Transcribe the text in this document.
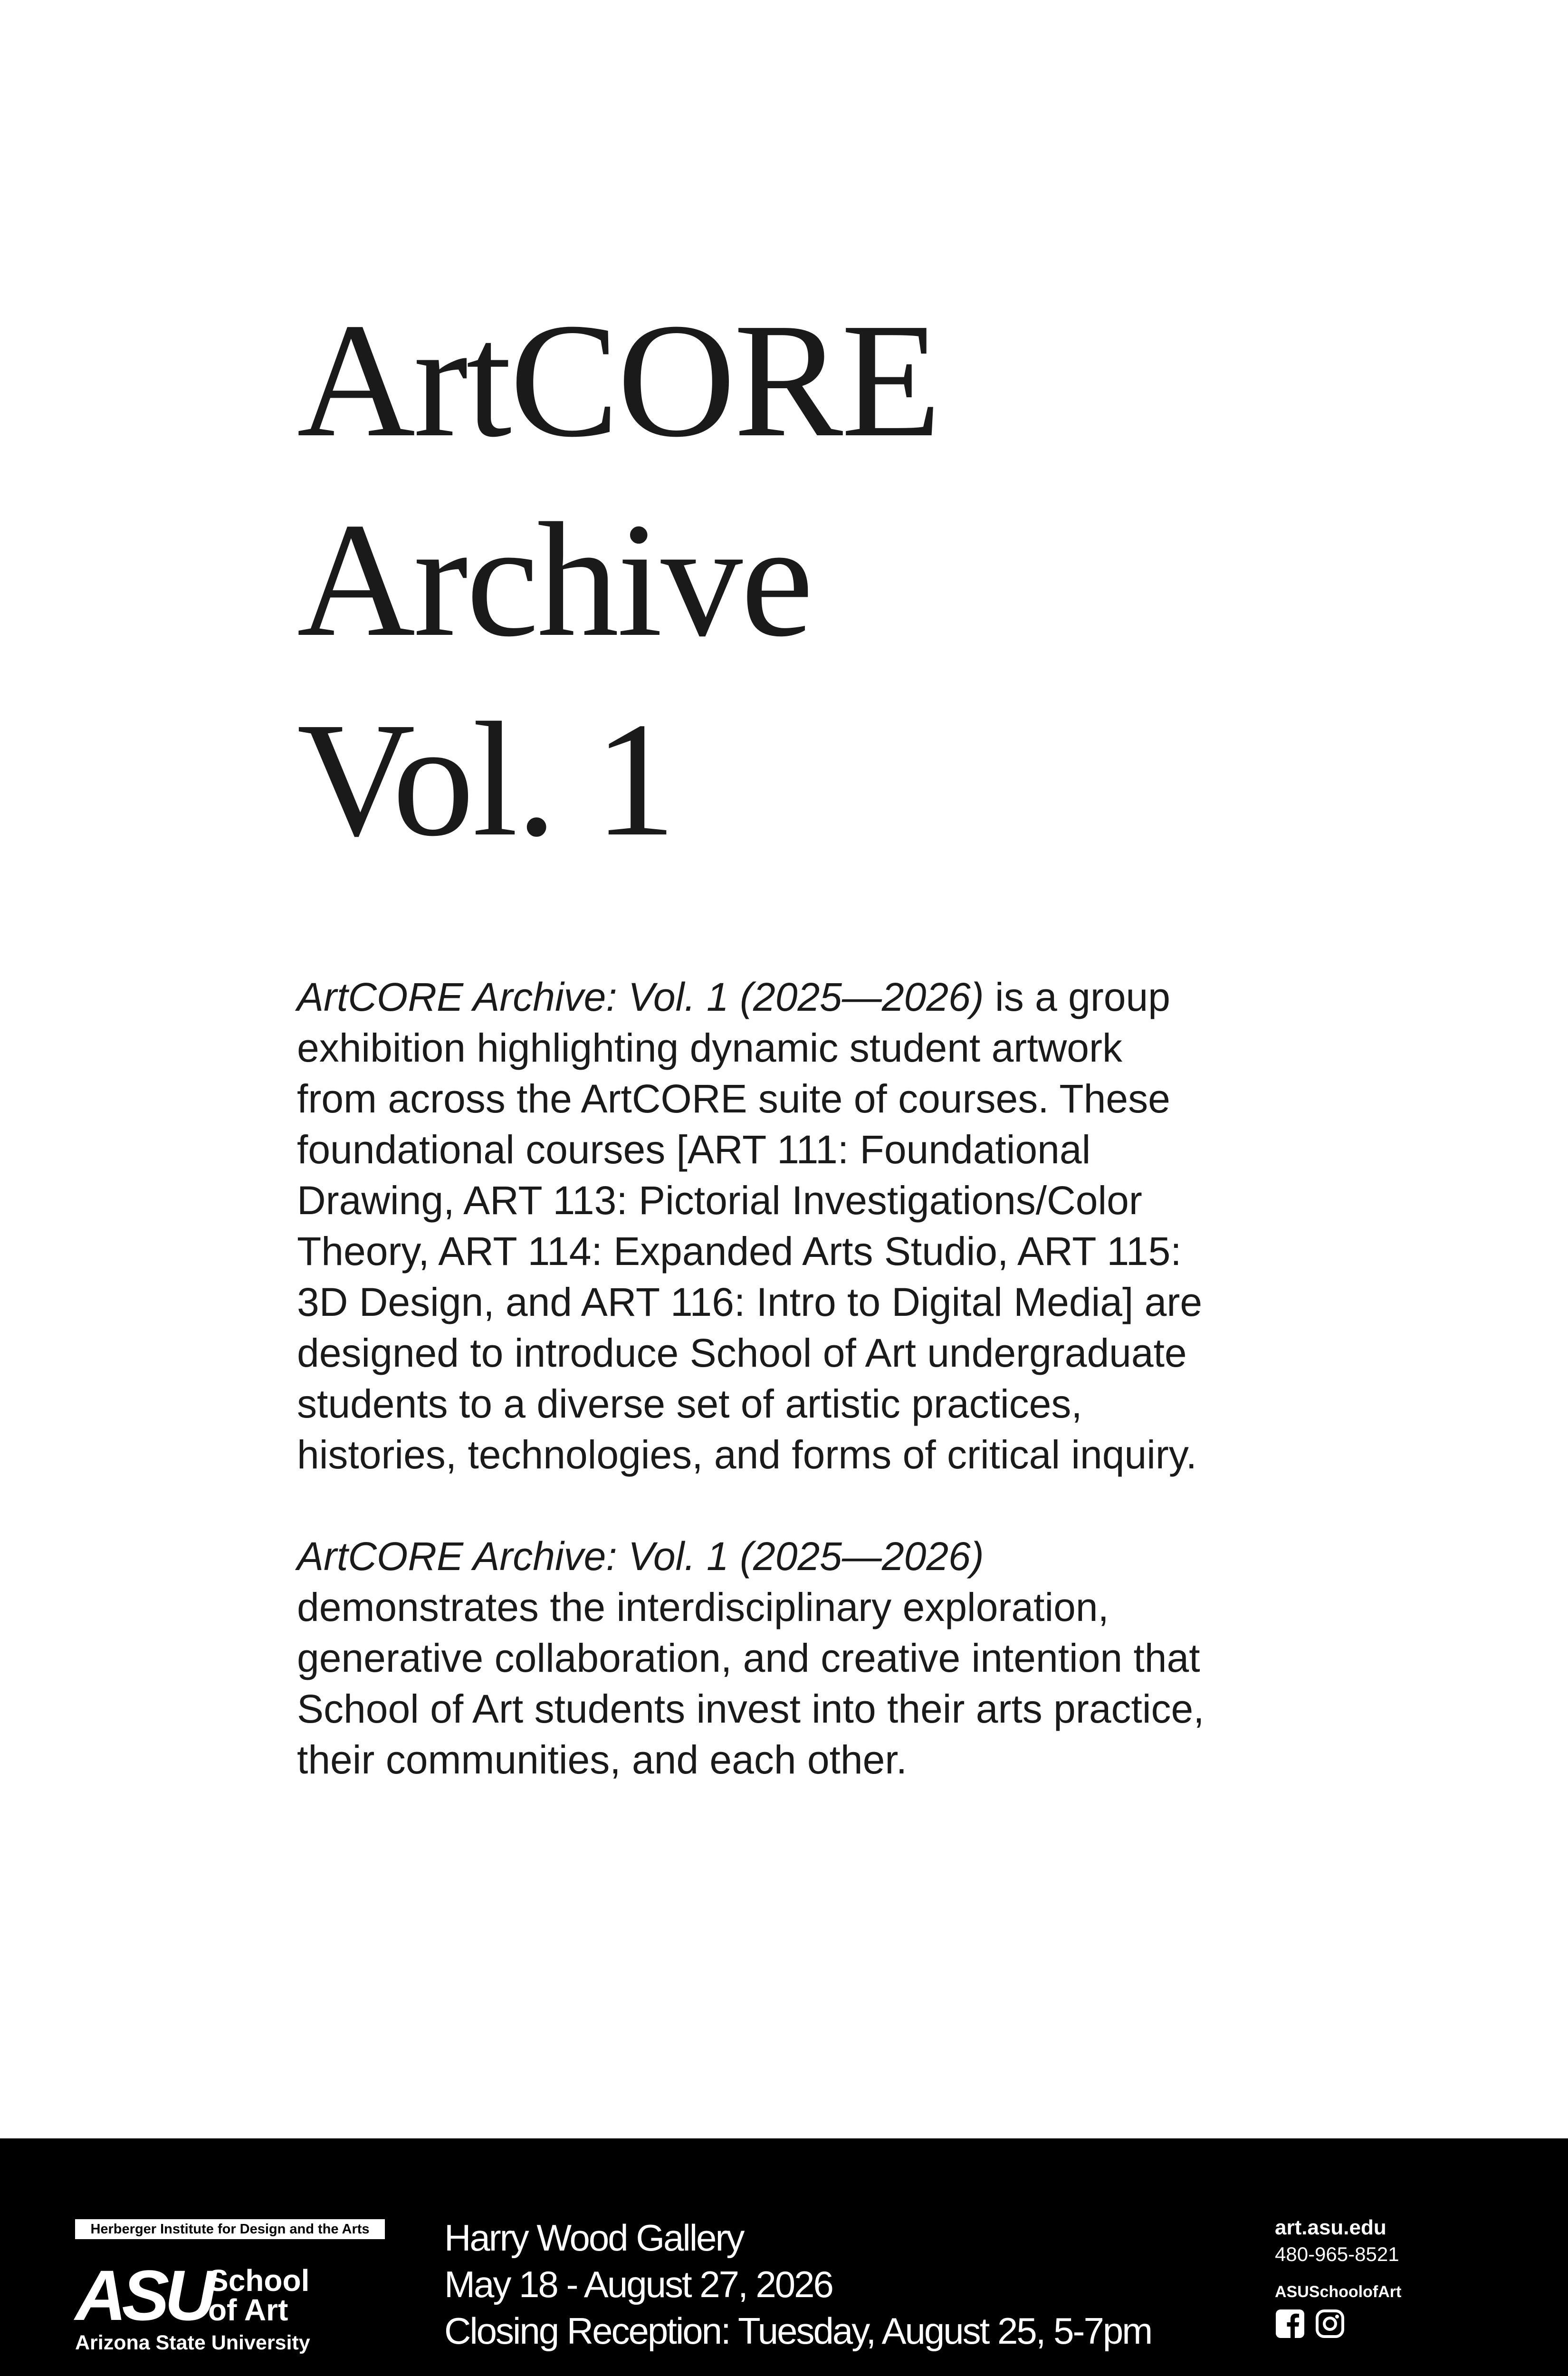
ArtCORE
Archive
Vol. 1
ArtCORE Archive: Vol. 1 (2025—2026) is a group
exhibition highlighting dynamic student artwork
from across the ArtCORE suite of courses. These
foundational courses [ART 111: Foundational
Drawing, ART 113: Pictorial Investigations/Color
Theory, ART 114: Expanded Arts Studio, ART 115:
3D Design, and ART 116: Intro to Digital Media] are
designed to introduce School of Art undergraduate
students to a diverse set of artistic practices,
histories, technologies, and forms of critical inquiry.
ArtCORE Archive: Vol. 1 (2025—2026)
demonstrates the interdisciplinary exploration,
generative collaboration, and creative intention that
School of Art students invest into their arts practice,
their communities, and each other.
Herberger Institute for Design and the Arts
ASU
School
of Art
Arizona State University
Harry Wood Gallery
May 18 - August 27, 2026
Closing Reception: Tuesday, August 25, 5-7pm
art.asu.edu
480-965-8521
ASUSchoolofArt
